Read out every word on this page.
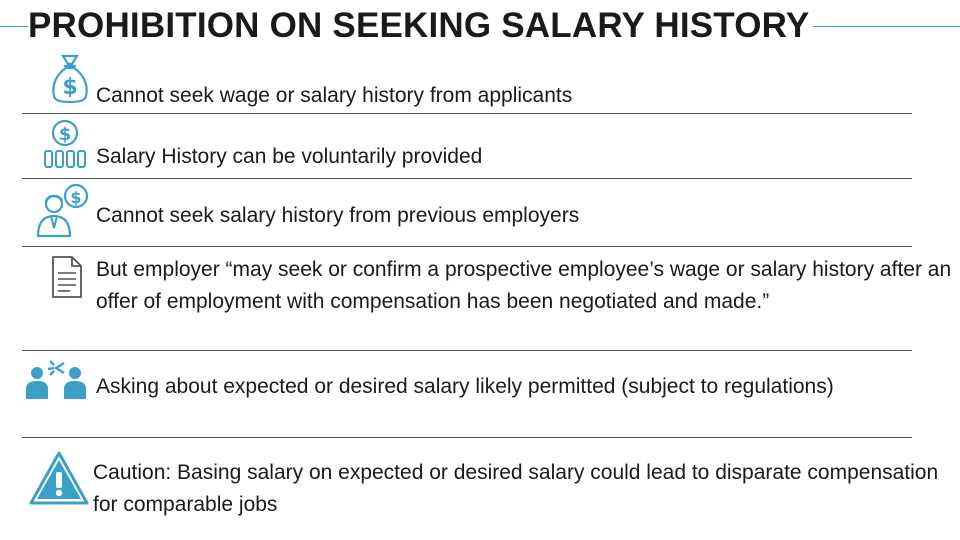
PROHIBITION ON SEEKING SALARY HISTORY
$ Cannot seek wage or salary history from applicants
$
Salary History can be voluntarily provided
$
Cannot seek salary history from previous employers
But employer “may seek or confirm a prospective employee’s wage or salary history after an offer of employment with compensation has been negotiated and made.”
Asking about expected or desired salary likely permitted (subject to regulations)
Caution: Basing salary on expected or desired salary could lead to disparate compensation for comparable jobs
